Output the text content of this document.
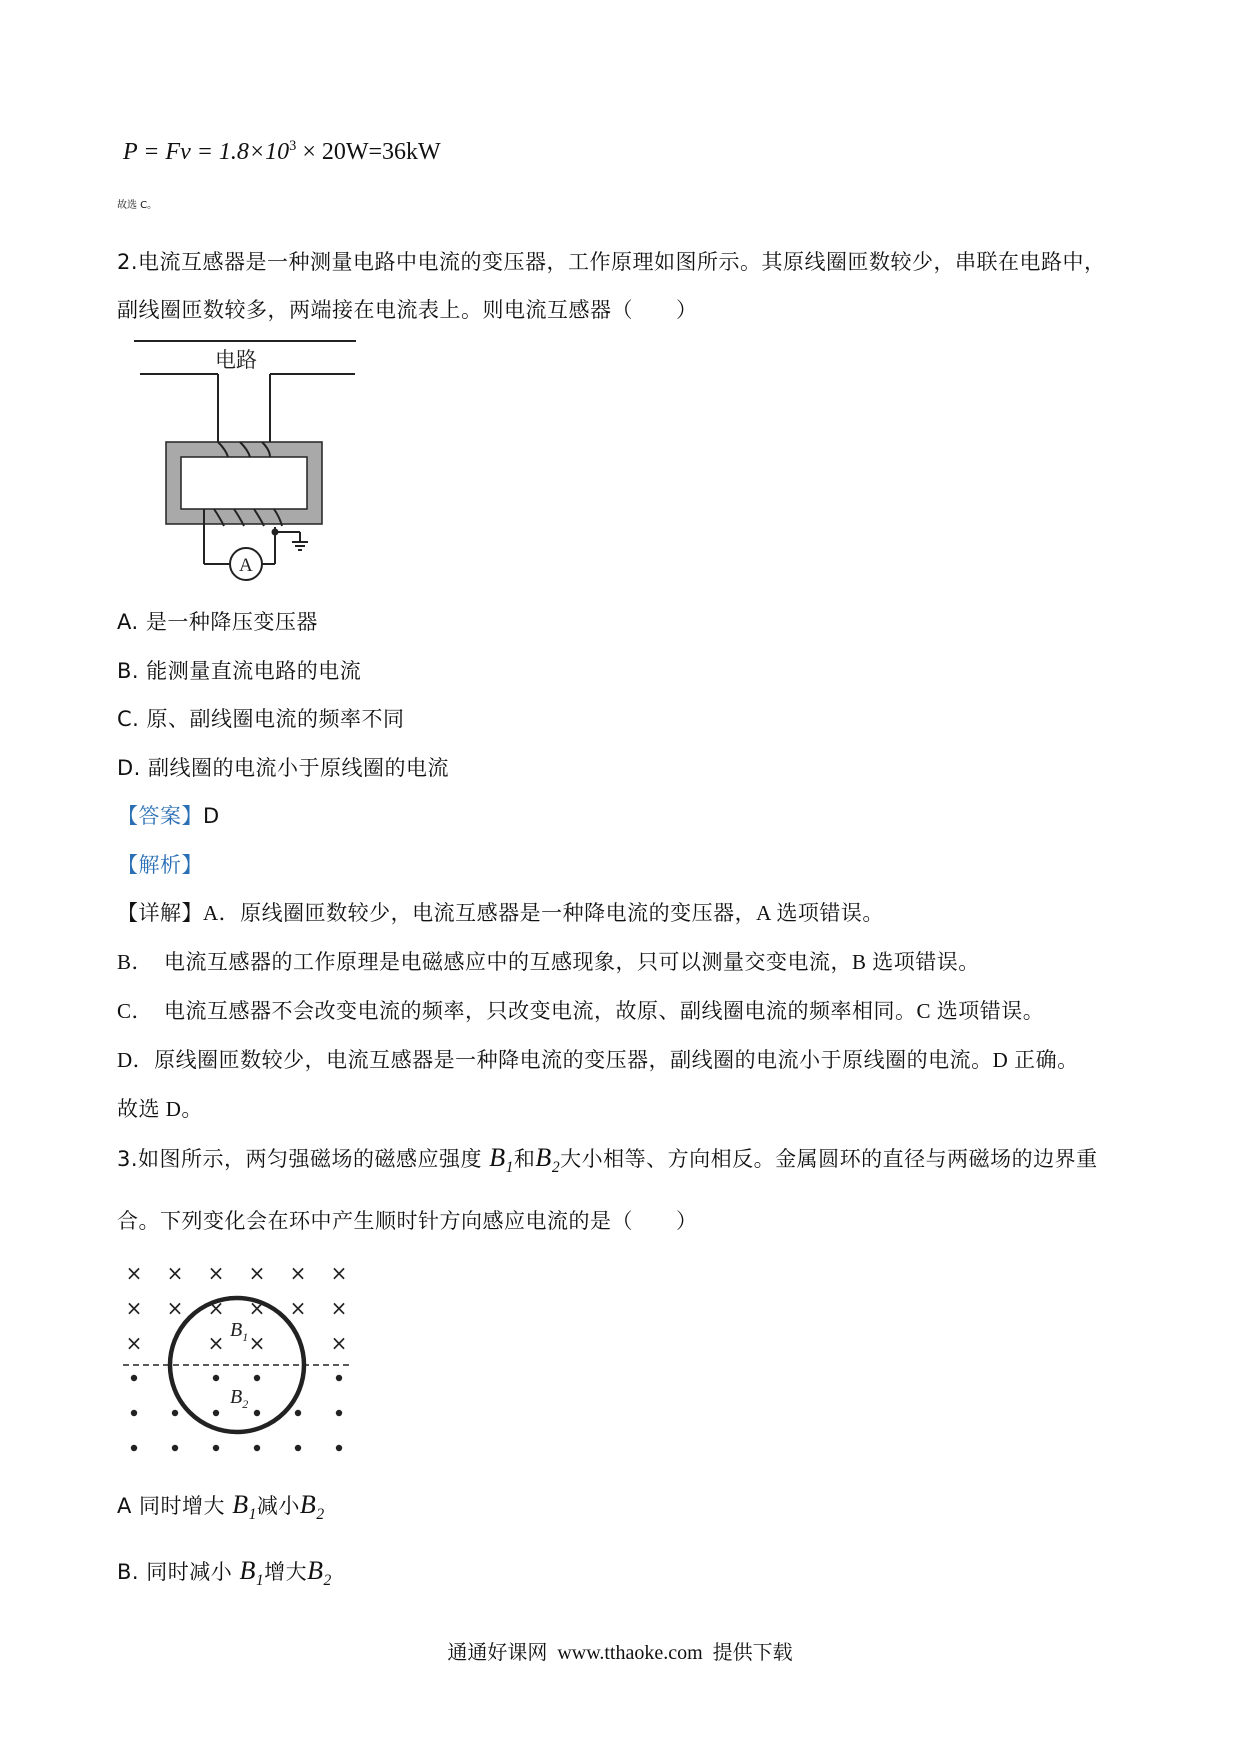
$P = Fv = 1.8\times 10^3 \times 20W=36kW$
故选 C。
2.电流互感器是一种测量电路中电流的变压器，工作原理如图所示。其原线圈匝数较少，串联在电路中，
副线圈匝数较多，两端接在电流表上。则电流互感器（　　）
电路
A
A. 是一种降压变压器
B. 能测量直流电路的电流
C. 原、副线圈电流的频率不同
D. 副线圈的电流小于原线圈的电流
【答案】D
【解析】
【详解】A．原线圈匝数较少，电流互感器是一种降电流的变压器，A 选项错误。
B．　电流互感器的工作原理是电磁感应中的互感现象，只可以测量交变电流，B 选项错误。
C．　电流互感器不会改变电流的频率，只改变电流，故原、副线圈电流的频率相同。C 选项错误。
D．原线圈匝数较少，电流互感器是一种降电流的变压器，副线圈的电流小于原线圈的电流。D 正确。
故选 D。
3.如图所示，两匀强磁场的磁感应强度 $B_1$和$B_2$大小相等、方向相反。金属圆环的直径与两磁场的边界重
合。下列变化会在环中产生顺时针方向感应电流的是（　　）
× × × × × ×
× × × × × ×
×	× ×	×
$B_1$
$B_2$
A 同时增大 $B_1$减小$B_2$
B. 同时减小 $B_1$增大$B_2$
通通好课网  www.tthaoke.com  提供下载
